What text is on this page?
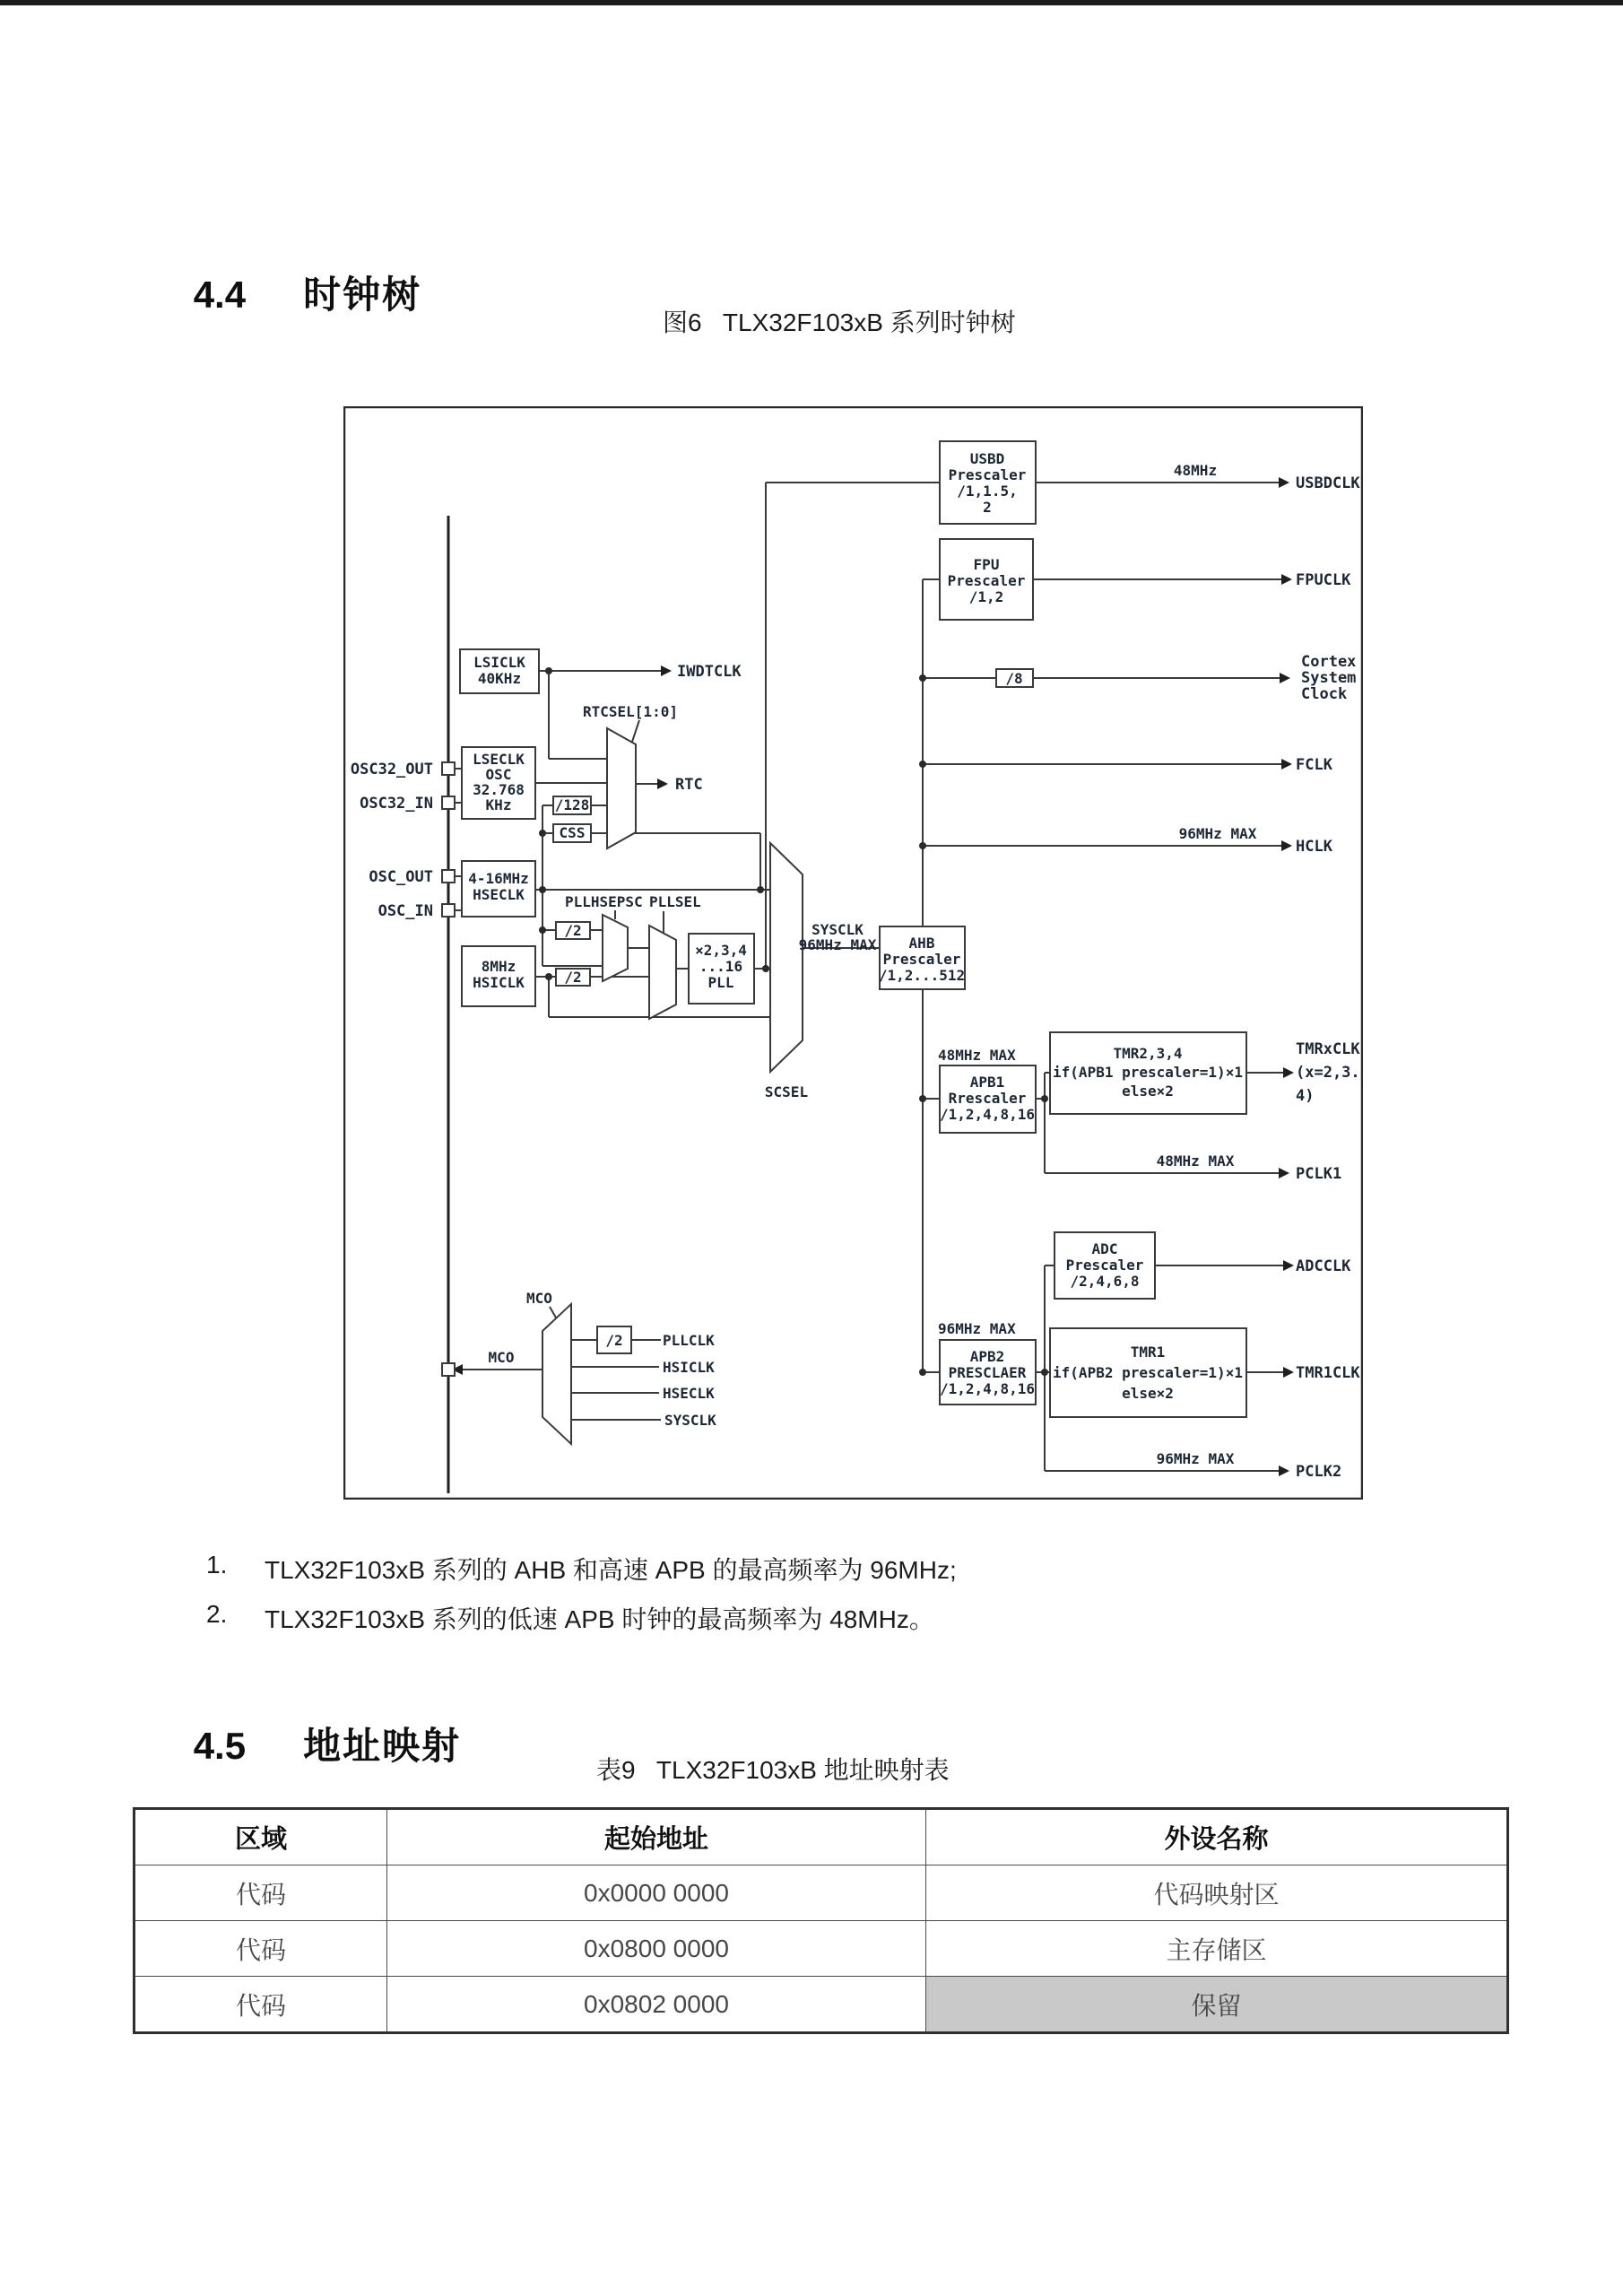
4.4 时钟树

图6   TLX32F103xB 系列时钟树
OSC32_OUT
OSC32_IN
OSC_OUT
OSC_IN
USBD
Prescaler
/1,1.5,
2
FPU
Prescaler
/1,2
/8
LSICLK
40KHz
LSECLK
OSC
32.768
KHz
4-16MHz
HSECLK
8MHz
HSICLK
/128
CSS
/2
/2
×2,3,4
...16
PLL
AHB
Prescaler
/1,2...512
APB1
Rrescaler
/1,2,4,8,16
TMR2,3,4
if(APB1 prescaler=1)×1
else×2
ADC
Prescaler
/2,4,6,8
APB2
PRESCLAER
/1,2,4,8,16
TMR1
if(APB2 prescaler=1)×1
else×2
/2
RTCSEL[1:0]
PLLHSEPSC PLLSEL
SCSEL
MCO
48MHz
96MHz MAX
48MHz MAX
48MHz MAX
96MHz MAX
96MHz MAX
SYSCLK
96MHz MAX
PLLCLK
HSICLK
HSECLK
SYSCLK
MCO
IWDTCLK
RTC
USBDCLK
FPUCLK
Cortex
System
Clock
FCLK
HCLK
TMRxCLK
(x=2,3.
4)
PCLK1
ADCCLK
TMR1CLK
PCLK2
1. TLX32F103xB 系列的 AHB 和高速 APB 的最高频率为 96MHz;
2. TLX32F103xB 系列的低速 APB 时钟的最高频率为 48MHz。

4.5 地址映射

表9   TLX32F103xB 地址映射表
区域	起始地址	外设名称
代码	0x0000 0000	代码映射区
代码	0x0800 0000	主存储区
代码	0x0802 0000	保留
